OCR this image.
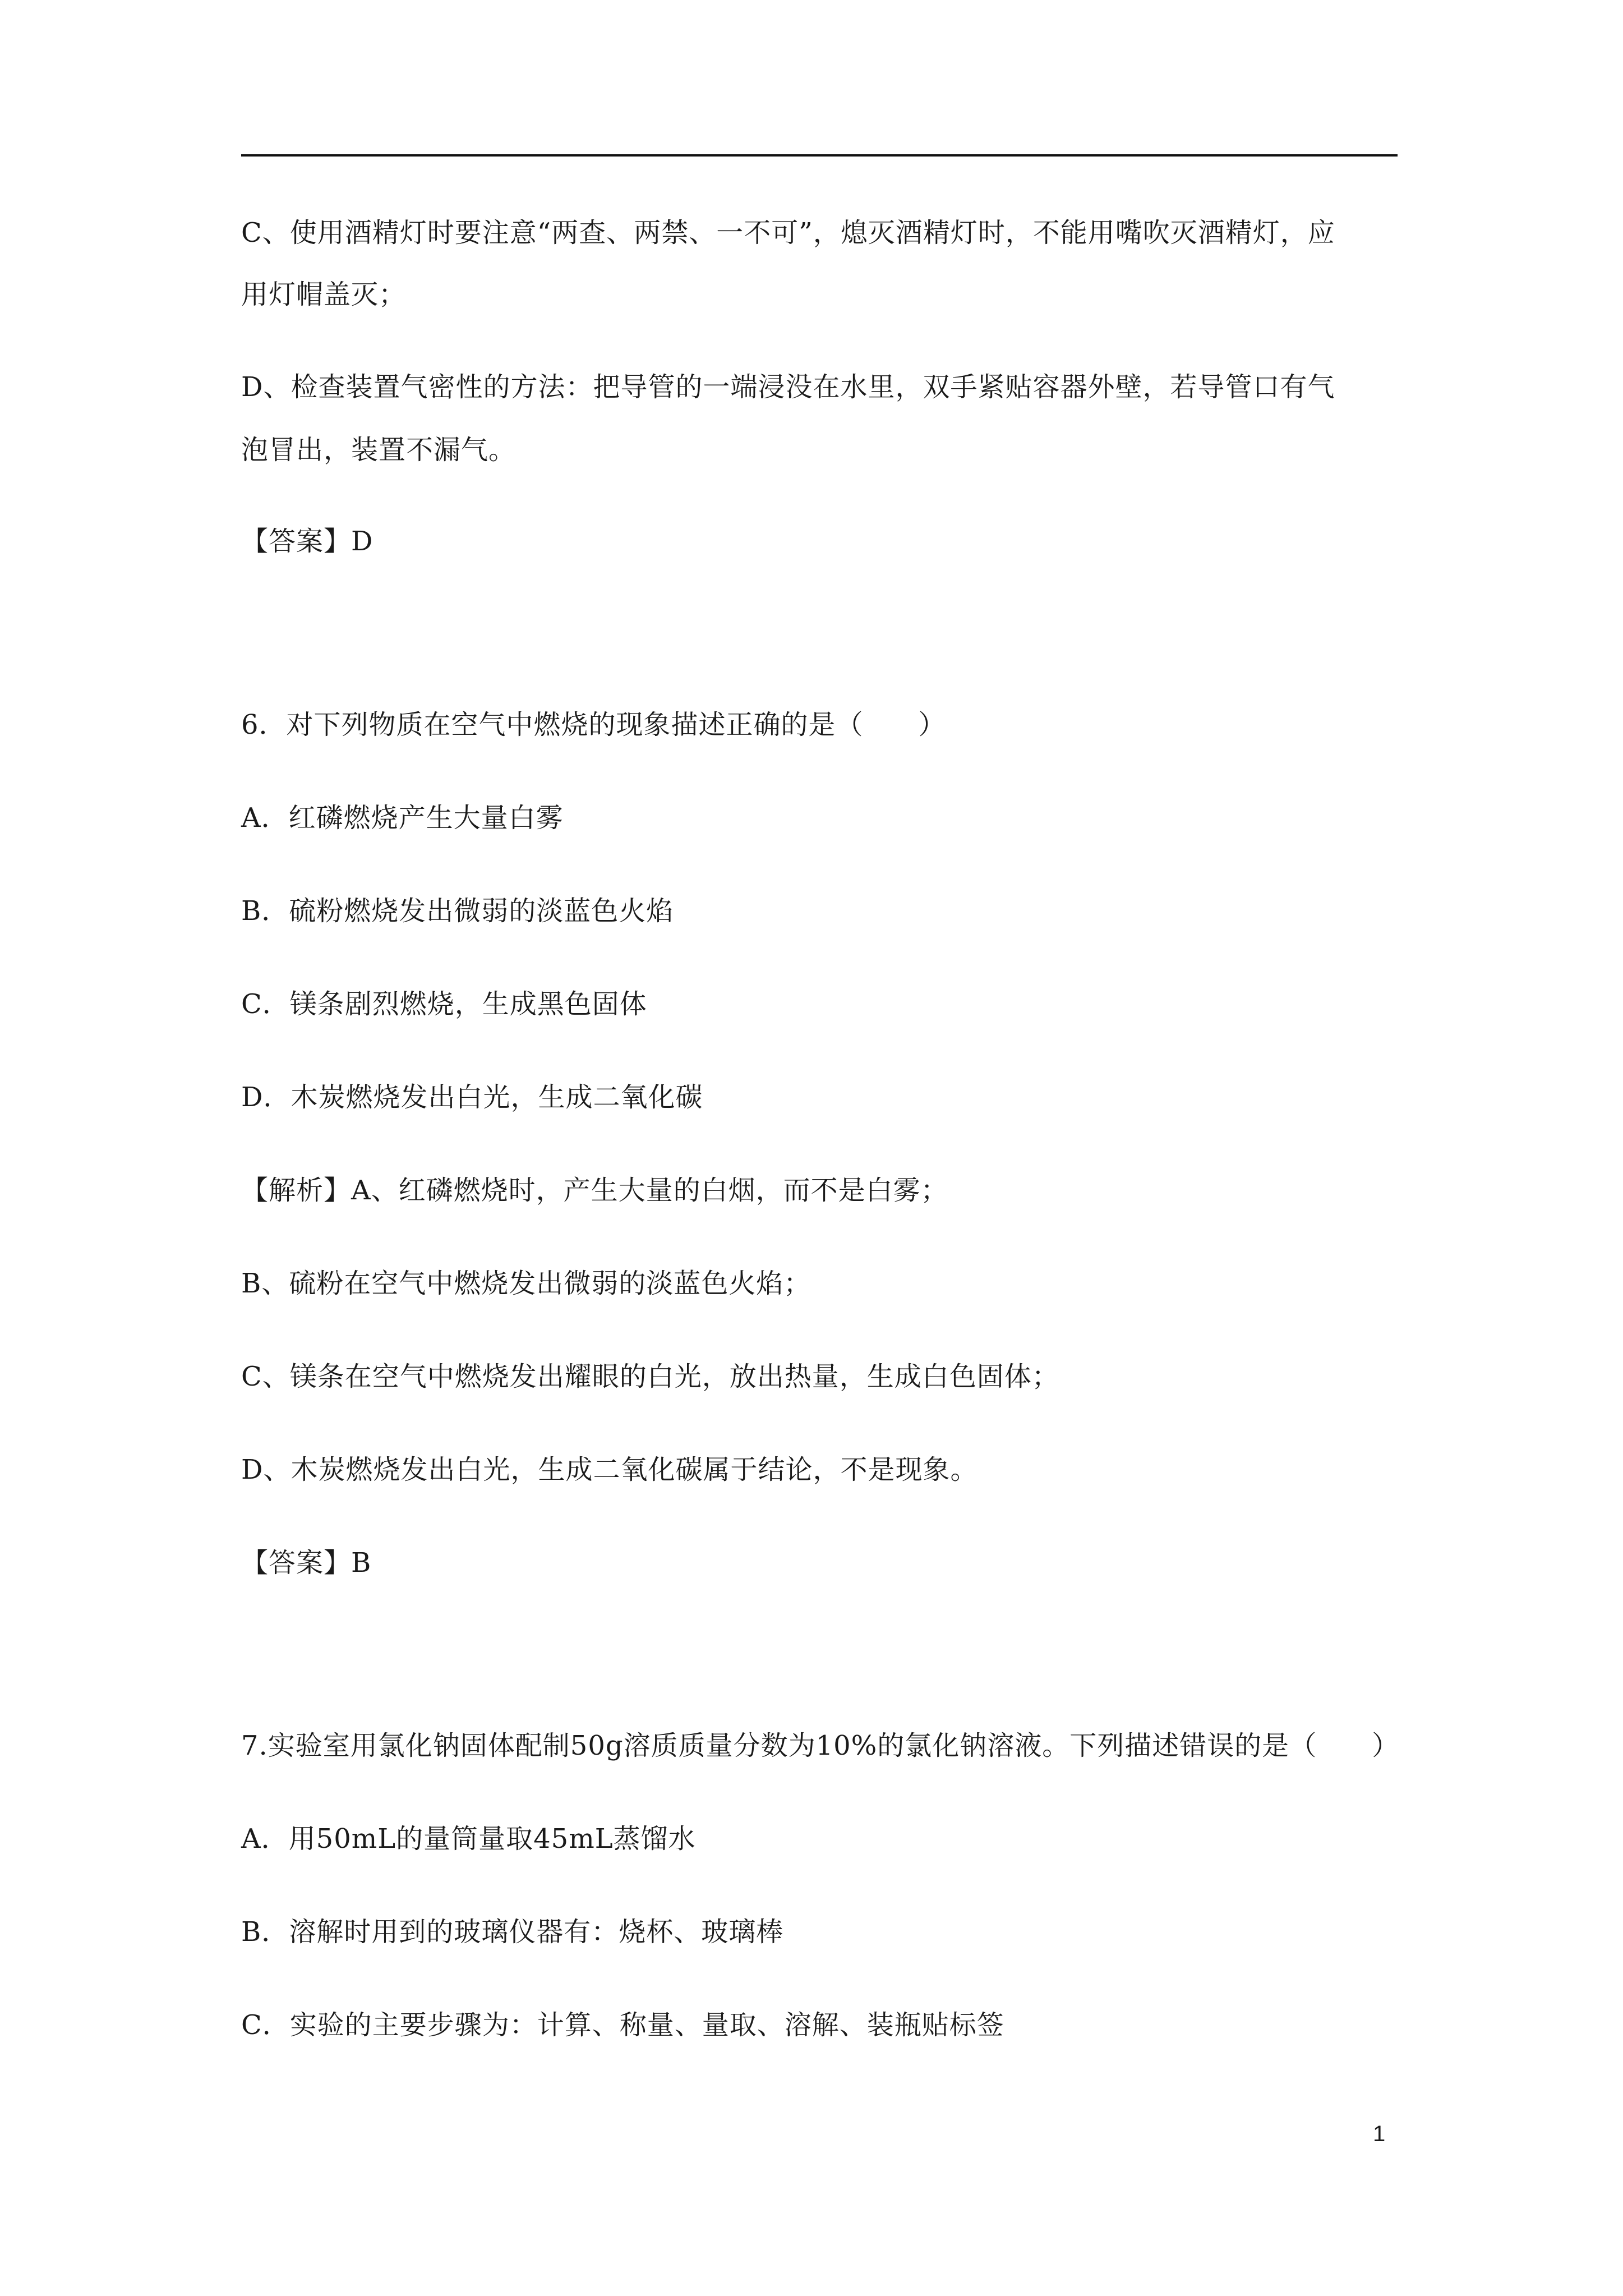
C、使用酒精灯时要注意“两查、两禁、一不可”，熄灭酒精灯时，不能用嘴吹灭酒精灯，应
用灯帽盖灭；
D、检查装置气密性的方法：把导管的一端浸没在水里，双手紧贴容器外壁，若导管口有气
泡冒出，装置不漏气。
【答案】D
6．对下列物质在空气中燃烧的现象描述正确的是（　　）
A．红磷燃烧产生大量白雾
B．硫粉燃烧发出微弱的淡蓝色火焰
C．镁条剧烈燃烧，生成黑色固体
D．木炭燃烧发出白光，生成二氧化碳
【解析】A、红磷燃烧时，产生大量的白烟，而不是白雾；
B、硫粉在空气中燃烧发出微弱的淡蓝色火焰；
C、镁条在空气中燃烧发出耀眼的白光，放出热量，生成白色固体；
D、木炭燃烧发出白光，生成二氧化碳属于结论，不是现象。
【答案】B
7.实验室用氯化钠固体配制50g溶质质量分数为10%的氯化钠溶液。下列描述错误的是（　　）
A．用50mL的量筒量取45mL蒸馏水
B．溶解时用到的玻璃仪器有：烧杯、玻璃棒
C．实验的主要步骤为：计算、称量、量取、溶解、装瓶贴标签
1
